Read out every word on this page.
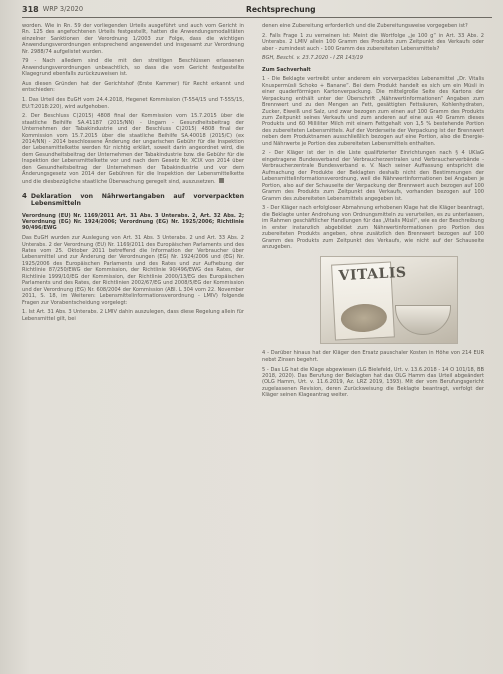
318 WRP 3/2020	Rechtsprechung

worden. Wie in Rn. 59 der vorliegenden Urteils ausgeführt und auch vom Gericht in Rn. 125 des angefochtenen Urteils festgestellt, hatten die Anwendungsmodalitäten einzelner Sanktionen der Verordnung 1/2003 zur Folge, dass die wichtigen Anwendungsverordnungen entsprechend angewendet und insgesamt zur Verordnung Nr. 2988/74 aufgelistet wurden.

79 - Nach alledem sind die mit den streitigen Beschlüssen erlassenen Anwendungsverordnungen unbeachtlich, so dass die vom Gericht festgestellte Klagegrund ebenfalls zurückzuweisen ist.

Aus diesen Gründen hat der Gerichtshof (Erste Kammer) für Recht erkannt und entschieden:

1. Das Urteil des EuGH vom 24.4.2018, Hegenet Kommission (T-554/15 und T-555/15, EU:T:2018:220), wird aufgehoben.

2. Der Beschluss C(2015) 4808 final der Kommission vom 15.7.2015 über die staatliche Beihilfe SA.41187 (2015/NN) - Ungarn - Gesundheitsbeitrag der Unternehmen der Tabakindustrie und der Beschluss C(2015) 4808 final der Kommission vom 15.7.2015 über die staatliche Beihilfe SA.40018 (2015/C) (ex 2014/NN) - 2014 beschlossene Änderung der ungarischen Gebühr für die Inspektion der Lebensmittelkette werden für nichtig erklärt, soweit darin angeordnet wird, die dem Gesundheitsbeitrag der Unternehmen der Tabakindustrie bzw. die Gebühr für die Inspektion der Lebensmittelkette vor und nach dem Gesetz Nr. XCIX von 2014 über den Gesundheitsbeitrag der Unternehmen der Tabakindustrie und vor dem Änderungsgesetz von 2014 der Gebühren für die Inspektion der Lebensmittelkette und die diesbezügliche staatliche Überwachung geregelt sind, auszusetzen.

4 Deklaration von Nährwertangaben auf vorverpackten Lebensmitteln

Verordnung (EU) Nr. 1169/2011 Art. 31 Abs. 3 Unterabs. 2, Art. 32 Abs. 2; Verordnung (EG) Nr. 1924/2006; Verordnung (EG) Nr. 1925/2006; Richtlinie 90/496/EWG

Das EuGH wurden zur Auslegung von Art. 31 Abs. 3 Unterabs. 2 und Art. 33 Abs. 2 Unterabs. 2 der Verordnung (EU) Nr. 1169/2011 des Europäischen Parlaments und des Rates vom 25. Oktober 2011 betreffend die Information der Verbraucher über Lebensmittel und zur Änderung der Verordnungen (EG) Nr. 1924/2006 und (EG) Nr. 1925/2006 des Europäischen Parlaments und des Rates und zur Aufhebung der Richtlinie 87/250/EWG der Kommission, der Richtlinie 90/496/EWG des Rates, der Richtlinie 1999/10/EG der Kommission, der Richtlinie 2000/13/EG des Europäischen Parlaments und des Rates, der Richtlinien 2002/67/EG und 2008/5/EG der Kommission und der Verordnung (EG) Nr. 608/2004 der Kommission (ABl. L 304 vom 22. November 2011, S. 18, im Weiteren: Lebensmittelinformationsverordnung - LMIV) folgende Fragen zur Vorabentscheidung vorgelegt:

1. Ist Art. 31 Abs. 3 Unterabs. 2 LMIV dahin auszulegen, dass diese Regelung allein für Lebensmittel gilt, bei

denen eine Zubereitung erforderlich und die Zubereitungsweise vorgegeben ist?

2. Falls Frage 1 zu verneinen ist: Meint die Wortfolge „je 100 g“ in Art. 33 Abs. 2 Unterabs. 2 LMIV allein 100 Gramm des Produkts zum Zeitpunkt des Verkaufs oder aber - zumindest auch - 100 Gramm des zubereiteten Lebensmittels?

BGH, Beschl. v. 23.7.2020 - I ZR 143/19

Zum Sachverhalt

1 - Die Beklagte vertreibt unter anderem ein vorverpacktes Lebensmittel „Dr. Vitalis Knuspermüsli Schoko + Banane“. Bei dem Produkt handelt es sich um ein Müsli in einer quaderförmigen Kartonverpackung. Die mittelgroße Seite des Kartons der Verpackung enthält unter der Überschrift „Nährwertinformationen“ Angaben zum Brennwert und zu den Mengen an Fett, gesättigten Fettsäuren, Kohlenhydraten, Zucker, Eiweiß und Salz, und zwar bezogen zum einen auf 100 Gramm des Produkts zum Zeitpunkt seines Verkaufs und zum anderen auf eine aus 40 Gramm dieses Produkts und 60 Milliliter Milch mit einem Fettgehalt von 1,5 % bestehende Portion des zubereiteten Lebensmittels. Auf der Vorderseite der Verpackung ist der Brennwert neben dem Produktnamen ausschließlich bezogen auf eine Portion, also die Energie- und Nährwerte je Portion des zubereiteten Lebensmittels enthalten.

2 - Der Kläger ist der in die Liste qualifizierter Einrichtungen nach § 4 UKlaG eingetragene Bundesverband der Verbraucherzentralen und Verbraucherverbände - Verbraucherzentrale Bundesverband e. V. Nach seiner Auffassung entspricht die Aufmachung der Produkte der Beklagten deshalb nicht den Bestimmungen der Lebensmittelinformationsverordnung, weil die Nährwertinformationen bei Angaben je Portion, also auf der Schauseite der Verpackung der Brennwert auch bezogen auf 100 Gramm des Produkts zum Zeitpunkt des Verkaufs, vorhanden bezogen auf 100 Gramm des zubereiteten Lebensmittels angegeben ist.

3 - Der Kläger nach erfolgloser Abmahnung erhobenen Klage hat die Kläger beantragt, die Beklagte unter Androhung von Ordnungsmitteln zu verurteilen, es zu unterlassen, im Rahmen geschäftlicher Handlungen für das „Vitalis Müsli“, wie es der Beschreibung in erster instanzlich abgebildet zum Nährwertinformationen pro Portion des zubereiteten Produkts angeben, ohne zusätzlich den Brennwert bezogen auf 100 Gramm des Produkts zum Zeitpunkt des Verkaufs, wie nicht auf der Schauseite anzugeben.

VITALIS

4 - Darüber hinaus hat der Kläger den Ersatz pauschaler Kosten in Höhe von 214 EUR nebst Zinsen begehrt.

5 - Das LG hat die Klage abgewiesen (LG Bielefeld, Urt. v. 13.6.2018 - 14 O 101/18, BB 2018, 2020). Das Berufung der Beklagten hat das OLG Hamm das Urteil abgeändert (OLG Hamm, Urt. v. 11.6.2019, Az. LRZ 2019, 1393). Mit der vom Berufungsgericht zugelassenen Revision, deren Zurückweisung die Beklagte beantragt, verfolgt der Kläger seinen Klageantrag weiter.
